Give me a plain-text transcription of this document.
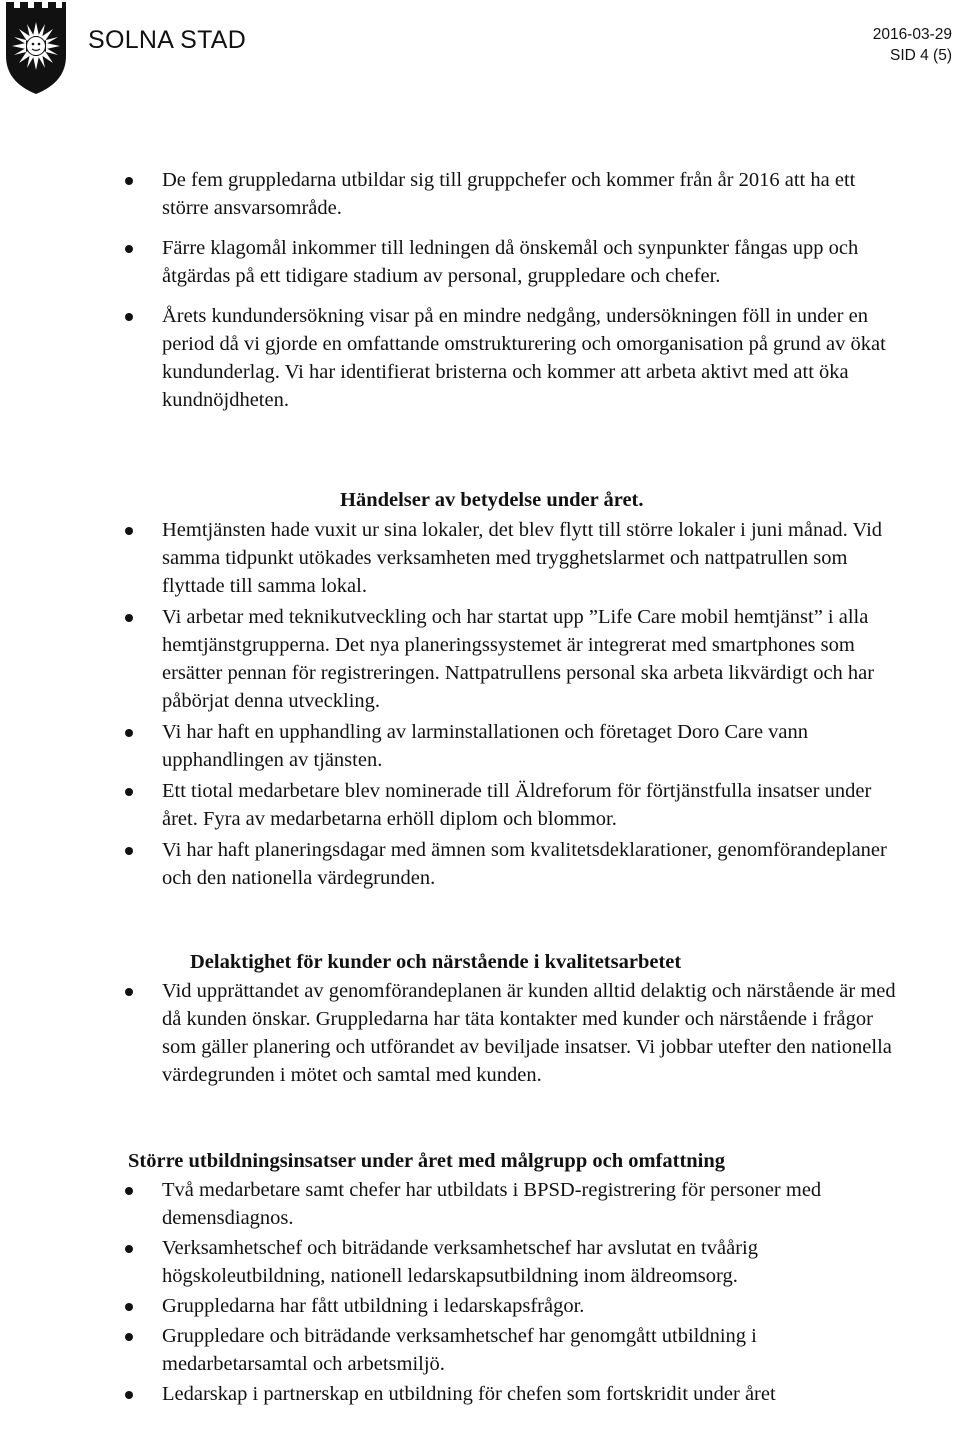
SOLNA STAD	2016-03-29
SID 4 (5)
De fem gruppledarna utbildar sig till gruppchefer och kommer från år 2016 att ha ett större ansvarsområde.
Färre klagomål inkommer till ledningen då önskemål och synpunkter fångas upp och åtgärdas på ett tidigare stadium av personal, gruppledare och chefer.
Årets kundundersökning visar på en mindre nedgång, undersökningen föll in under en period då vi gjorde en omfattande omstrukturering och omorganisation på grund av ökat kundunderlag. Vi har identifierat bristerna och kommer att arbeta aktivt med att öka kundnöjdheten.
Händelser av betydelse under året.
Hemtjänsten hade vuxit ur sina lokaler, det blev flytt till större lokaler i juni månad. Vid samma tidpunkt utökades verksamheten med trygghetslarmet och nattpatrullen som flyttade till samma lokal.
Vi arbetar med teknikutveckling och har startat upp ”Life Care mobil hemtjänst” i alla hemtjänstgrupperna. Det nya planeringssystemet är integrerat med smartphones som ersätter pennan för registreringen. Nattpatrullens personal ska arbeta likvärdigt och har påbörjat denna utveckling.
Vi har haft en upphandling av larminstallationen och företaget Doro Care vann upphandlingen av tjänsten.
Ett tiotal medarbetare blev nominerade till Äldreforum för förtjänstfulla insatser under året. Fyra av medarbetarna erhöll diplom och blommor.
Vi har haft planeringsdagar med ämnen som kvalitetsdeklarationer, genomförandeplaner och den nationella värdegrunden.
Delaktighet för kunder och närstående i kvalitetsarbetet
Vid upprättandet av genomförandeplanen är kunden alltid delaktig och närstående är med då kunden önskar. Gruppledarna har täta kontakter med kunder och närstående i frågor som gäller planering och utförandet av beviljade insatser. Vi jobbar utefter den nationella värdegrunden i mötet och samtal med kunden.
Större utbildningsinsatser under året med målgrupp och omfattning
Två medarbetare samt chefer har utbildats i BPSD-registrering för personer med demensdiagnos.
Verksamhetschef och biträdande verksamhetschef har avslutat en tvåårig högskoleutbildning, nationell ledarskapsutbildning inom äldreomsorg.
Gruppledarna har fått utbildning i ledarskapsfrågor.
Gruppledare och biträdande verksamhetschef har genomgått utbildning i medarbetarsamtal och arbetsmiljö.
Ledarskap i partnerskap en utbildning för chefen som fortskridit under året
